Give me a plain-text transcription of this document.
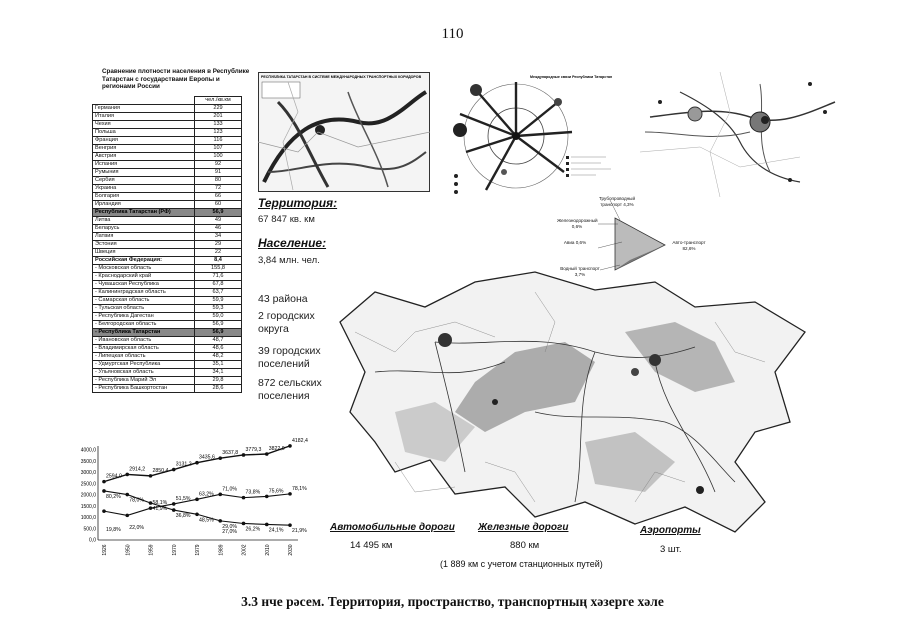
110
Сравнение плотности населения в Республике Татарстан с государствами Европы и регионами России
	чел./кв.км
Германия	229
Италия	201
Чехия	133
Польша	123
Франция	116
Венгрия	107
Австрия	100
Испания	92
Румыния	91
Сербия	80
Украина	72
Болгария	66
Ирландия	60
Республика Татарстан (РФ)	56,9
Литва	49
Беларусь	46
Латвия	34
Эстония	29
Швеция	22
Российская Федерация:	8,4
- Московская область	155,8
- Краснодарский край	71,6
- Чувашская Республика	67,8
- Калининградская область	63,7
- Самарская область	59,9
- Тульская область	59,3
- Республика Дагестан	59,0
- Белгородская область	56,9
- Республика Татарстан	56,9
- Ивановская область	48,7
- Владимирская область	48,6
- Липецкая область	48,2
- Удмуртская Республика	35,1
- Ульяновская область	34,1
- Республика Марий Эл	29,8
- Республика Башкортостан	28,6
РЕСПУБЛИКА ТАТАРСТАН В СИСТЕМЕ МЕЖДУНАРОДНЫХ ТРАНСПОРТНЫХ КОРИДОРОВ	Международные связи Республики Татарстан
Территория:
67 847 кв. км
Население:
3,84 млн. чел.
43 района
2 городских округа
39 городских поселений
872 сельских поселения
Трубопроводный транспорт 4,3%
Железнодорожный 0,6%
Авиа 0,6%
Водный транспорт 3,7%
Авто-транспорт 82,6%
0,0
500,0
1000,0
1500,0
2000,0
2500,0
3000,0
3500,0
4000,0
1926	1950	1959	1970	1979	1989	2002	2010	2030
2594,0
2914,2 2850,4
3131,2
3435,6
3637,8
3779,3 3822,0
4182,4
58,1%
51,5%
63,2%
71,0%
73,8% 75,6% 78,1%
80,2%
78,0%
41,9%
36,8%
48,5%
29,0% 26,2% 24,1% 21,9%
19,8% 22,0%
27,0%	Автомобильные дороги
14 495 км
Железные дороги
880 км
(1 889 км с учетом станционных путей)
Аэропорты
3 шт.
3.3 нче рәсем. Территория, пространство, транспортның хәзерге хәле
